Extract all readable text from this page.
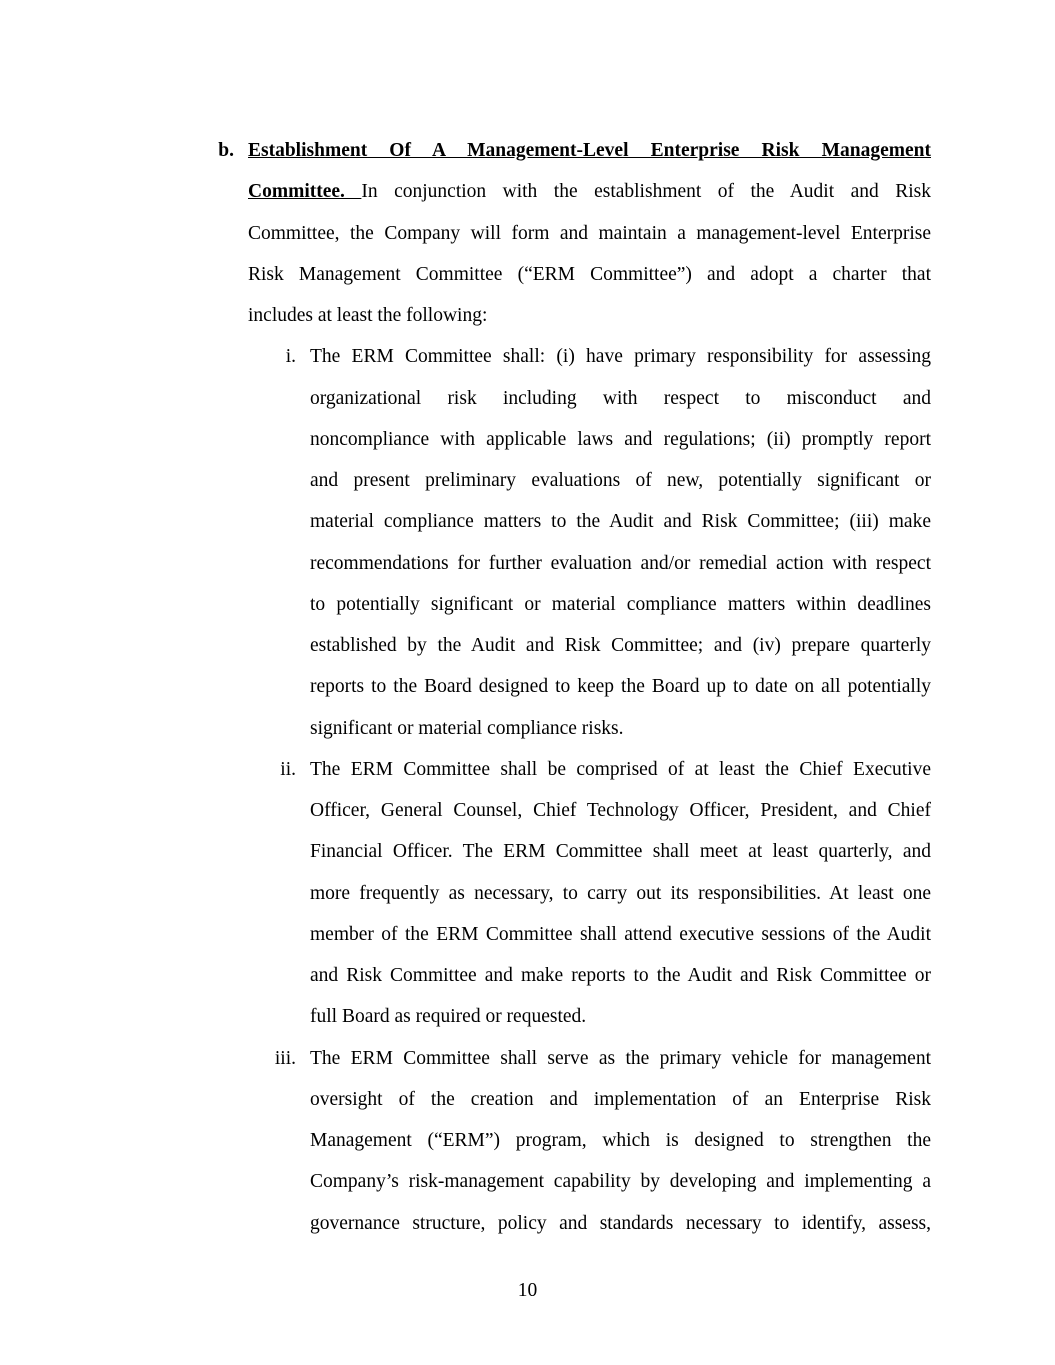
b. Establishment Of A Management-Level Enterprise Risk Management
Committee. In conjunction with the establishment of the Audit and Risk
Committee, the Company will form and maintain a management-level Enterprise
Risk Management Committee (“ERM Committee”) and adopt a charter that
includes at least the following:
i. The ERM Committee shall: (i) have primary responsibility for assessing
organizational risk including with respect to misconduct and
noncompliance with applicable laws and regulations; (ii) promptly report
and present preliminary evaluations of new, potentially significant or
material compliance matters to the Audit and Risk Committee; (iii) make
recommendations for further evaluation and/or remedial action with respect
to potentially significant or material compliance matters within deadlines
established by the Audit and Risk Committee; and (iv) prepare quarterly
reports to the Board designed to keep the Board up to date on all potentially
significant or material compliance risks.
ii. The ERM Committee shall be comprised of at least the Chief Executive
Officer, General Counsel, Chief Technology Officer, President, and Chief
Financial Officer. The ERM Committee shall meet at least quarterly, and
more frequently as necessary, to carry out its responsibilities. At least one
member of the ERM Committee shall attend executive sessions of the Audit
and Risk Committee and make reports to the Audit and Risk Committee or
full Board as required or requested.
iii. The ERM Committee shall serve as the primary vehicle for management
oversight of the creation and implementation of an Enterprise Risk
Management (“ERM”) program, which is designed to strengthen the
Company’s risk-management capability by developing and implementing a
governance structure, policy and standards necessary to identify, assess,
10
